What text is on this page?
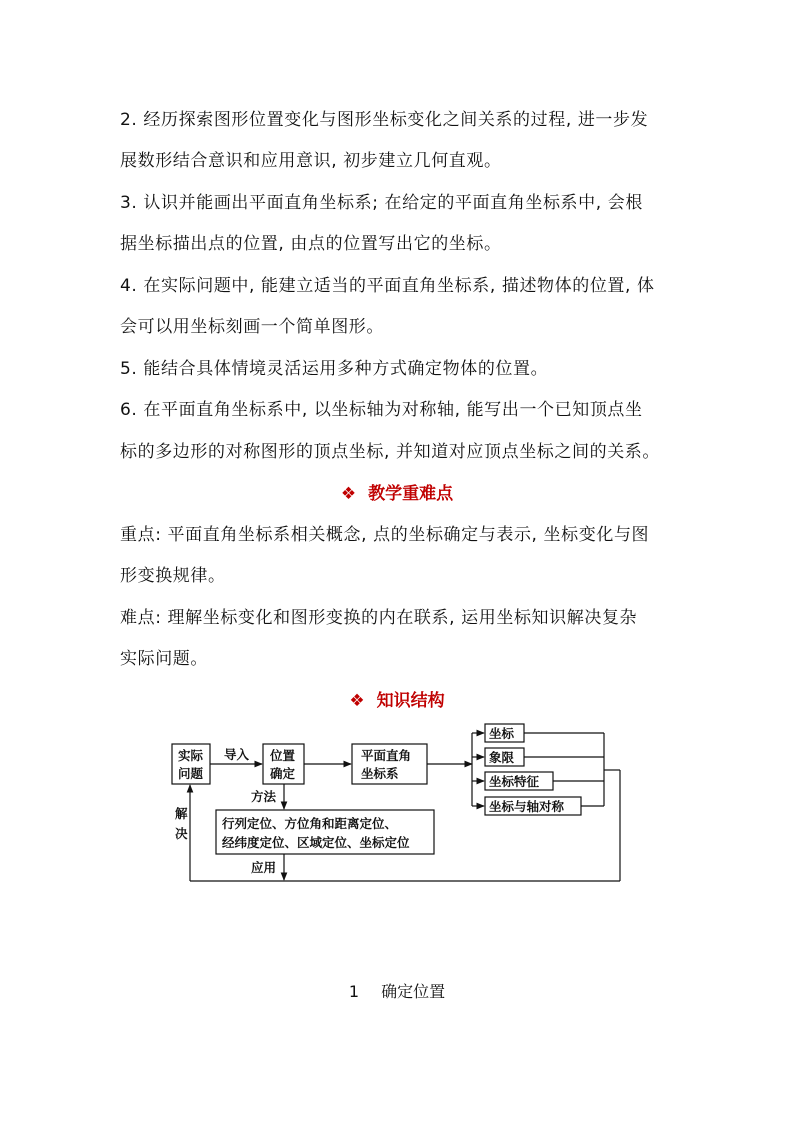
2. 经历探索图形位置变化与图形坐标变化之间关系的过程, 进一步发
展数形结合意识和应用意识, 初步建立几何直观。
3. 认识并能画出平面直角坐标系; 在给定的平面直角坐标系中, 会根
据坐标描出点的位置, 由点的位置写出它的坐标。
4. 在实际问题中, 能建立适当的平面直角坐标系, 描述物体的位置, 体
会可以用坐标刻画一个简单图形。
5. 能结合具体情境灵活运用多种方式确定物体的位置。
6. 在平面直角坐标系中, 以坐标轴为对称轴, 能写出一个已知顶点坐
标的多边形的对称图形的顶点坐标, 并知道对应顶点坐标之间的关系。
❖ 教学重难点
重点: 平面直角坐标系相关概念, 点的坐标确定与表示, 坐标变化与图
形变换规律。
难点: 理解坐标变化和图形变换的内在联系, 运用坐标知识解决复杂
实际问题。
❖ 知识结构
实际
问题
导入 位置
确定
平面直角
坐标系
坐标
象限
坐标特征
坐标与轴对称
方法
行列定位、方位角和距离定位、
经纬度定位、区域定位、坐标定位
应用
解
决
1 确定位置
